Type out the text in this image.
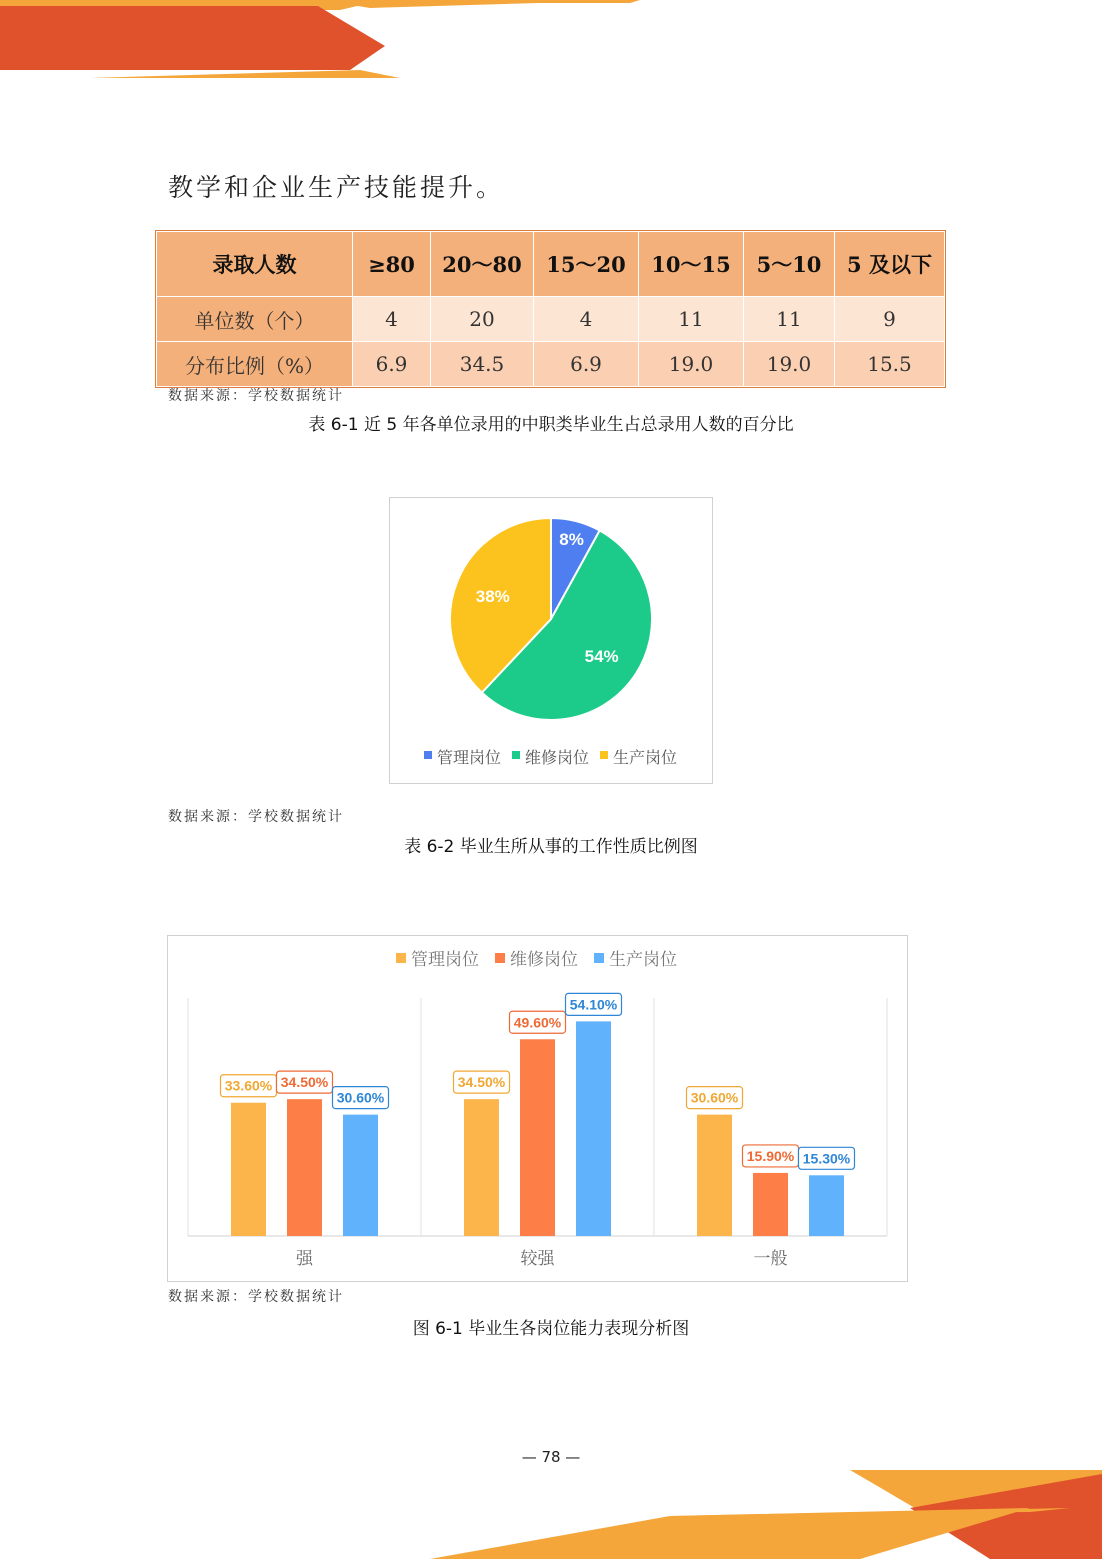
教学和企业生产技能提升。
录取人数	≥80	20～80	15～20	10～15	5～10	5 及以下
单位数（个）	4	20	4	11	11	9
分布比例（%）	6.9	34.5	6.9	19.0	19.0	15.5
数据来源：学校数据统计
表 6-1 近 5 年各单位录用的中职类毕业生占总录用人数的百分比
8%
54%
38%
管理岗位 维修岗位 生产岗位
数据来源：学校数据统计
表 6-2 毕业生所从事的工作性质比例图
管理岗位 维修岗位 生产岗位
33.60% 34.50%
30.60%
强
34.50%
49.60%
54.10%
较强
30.60%
15.90% 15.30%
一般
数据来源：学校数据统计
图 6-1 毕业生各岗位能力表现分析图
— 78 —
